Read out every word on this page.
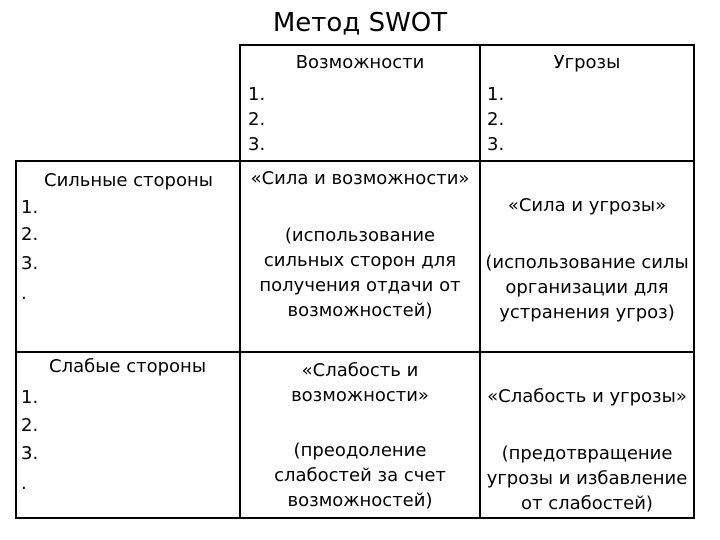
Метод SWOT
Возможности
1.
2.
3.
Угрозы
1.
2.
3.
Сильные стороны
1.
2.
3.
.
Слабые стороны
1.
2.
3.
.
«Сила и возможности»
(использование сильных сторон для получения отдачи от возможностей)
«Сила и угрозы»
(использование силы организации для устранения угроз)
«Слабость и возможности»
(преодоление слабостей за счет возможностей)
«Слабость и угрозы»
(предотвращение угрозы и избавление от слабостей)
